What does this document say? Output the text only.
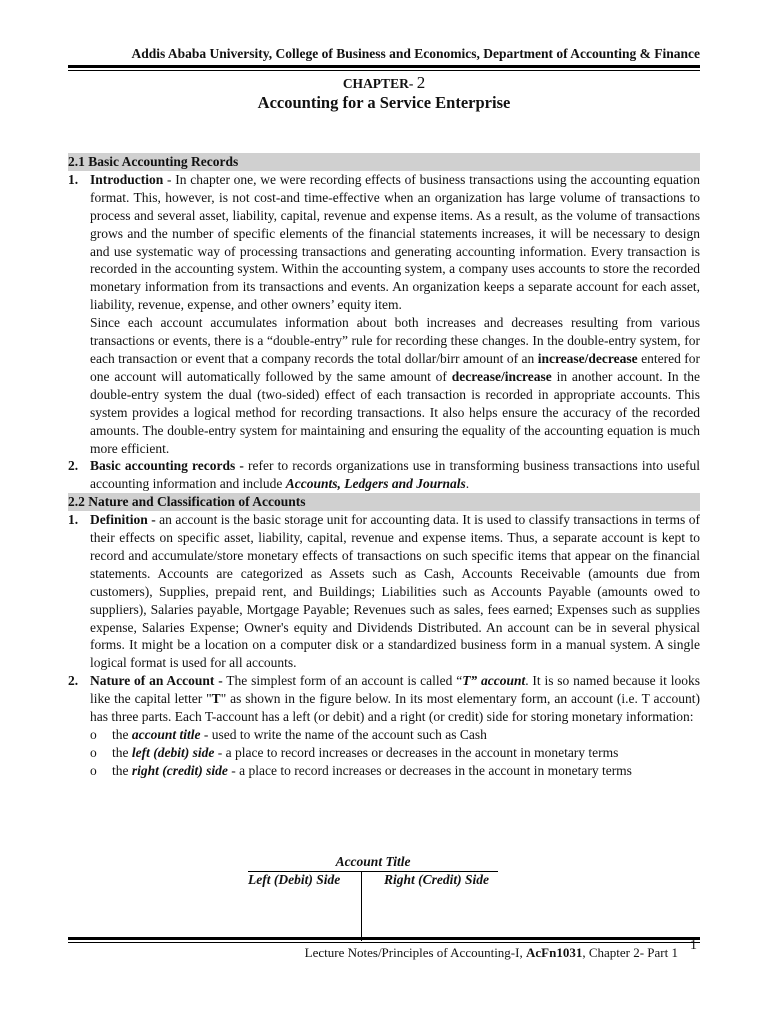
Addis Ababa University, College of Business and Economics, Department of Accounting & Finance
CHAPTER- 2
Accounting for a Service Enterprise
2.1 Basic Accounting Records
1. Introduction - In chapter one, we were recording effects of business transactions using the accounting equation format. This, however, is not cost-and time-effective when an organization has large volume of transactions to process and several asset, liability, capital, revenue and expense items. As a result, as the volume of transactions grows and the number of specific elements of the financial statements increases, it will be necessary to design and use systematic way of processing transactions and generating accounting information. Every transaction is recorded in the accounting system. Within the accounting system, a company uses accounts to store the recorded monetary information from its transactions and events. An organization keeps a separate account for each asset, liability, revenue, expense, and other owners’ equity item.
Since each account accumulates information about both increases and decreases resulting from various transactions or events, there is a “double-entry” rule for recording these changes. In the double-entry system, for each transaction or event that a company records the total dollar/birr amount of an increase/decrease entered for one account will automatically followed by the same amount of decrease/increase in another account. In the double-entry system the dual (two-sided) effect of each transaction is recorded in appropriate accounts. This system provides a logical method for recording transactions. It also helps ensure the accuracy of the recorded amounts. The double-entry system for maintaining and ensuring the equality of the accounting equation is much more efficient.
2. Basic accounting records - refer to records organizations use in transforming business transactions into useful accounting information and include Accounts, Ledgers and Journals.
2.2 Nature and Classification of Accounts
1. Definition - an account is the basic storage unit for accounting data. It is used to classify transactions in terms of their effects on specific asset, liability, capital, revenue and expense items. Thus, a separate account is kept to record and accumulate/store monetary effects of transactions on such specific items that appear on the financial statements. Accounts are categorized as Assets such as Cash, Accounts Receivable (amounts due from customers), Supplies, prepaid rent, and Buildings; Liabilities such as Accounts Payable (amounts owed to suppliers), Salaries payable, Mortgage Payable; Revenues such as sales, fees earned; Expenses such as supplies expense, Salaries Expense; Owner's equity and Dividends Distributed. An account can be in several physical forms. It might be a location on a computer disk or a standardized business form in a manual system. A single logical format is used for all accounts.
2. Nature of an Account - The simplest form of an account is called “T” account. It is so named because it looks like the capital letter "T" as shown in the figure below. In its most elementary form, an account (i.e. T account) has three parts. Each T-account has a left (or debit) and a right (or credit) side for storing monetary information:
o	the account title - used to write the name of the account such as Cash
o	the left (debit) side - a place to record increases or decreases in the account in monetary terms
o	the right (credit) side - a place to record increases or decreases in the account in monetary terms
Account Title
Left (Debit) Side	Right (Credit) Side
Lecture Notes/Principles of Accounting-I, AcFn1031, Chapter 2- Part 1 1
